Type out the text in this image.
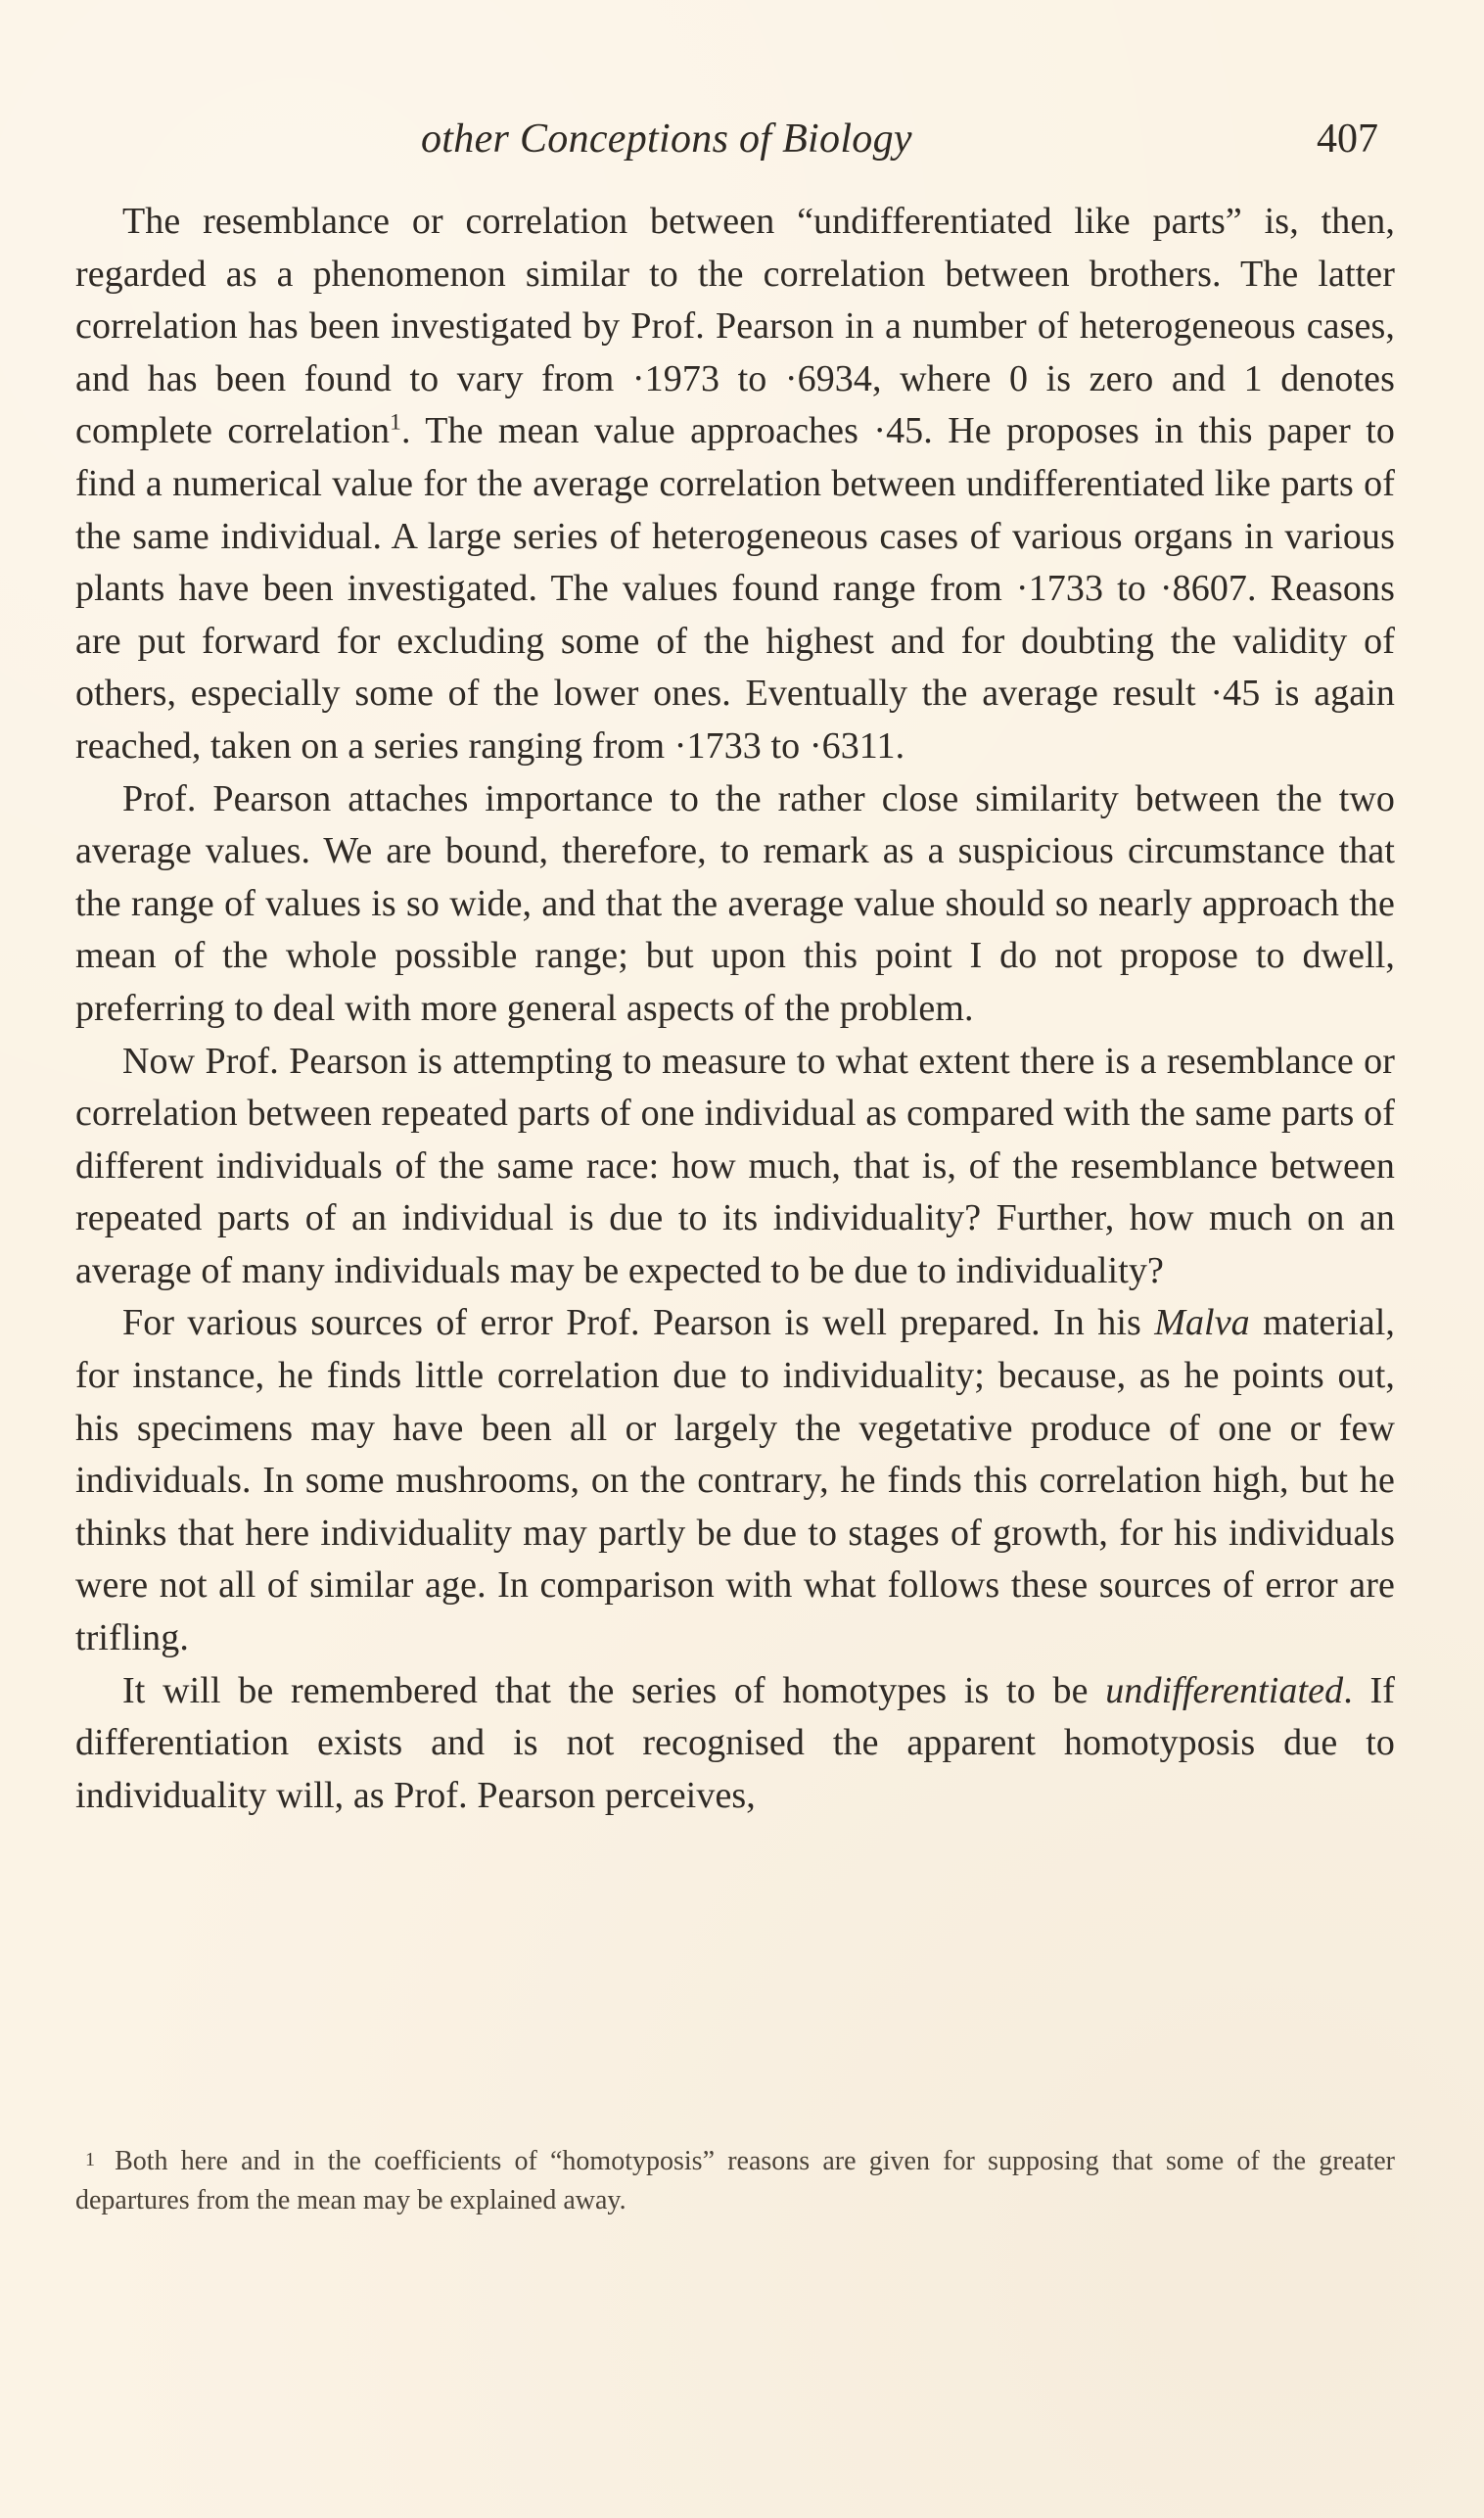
other Conceptions of Biology	407

The resemblance or correlation between “undifferentiated like parts” is, then, regarded as a phenomenon similar to the correlation between brothers. The latter correlation has been investigated by Prof. Pearson in a number of heterogeneous cases, and has been found to vary from ·1973 to ·6934, where 0 is zero and 1 denotes complete correlation$^1$. The mean value approaches ·45. He proposes in this paper to find a numerical value for the average correlation between undifferentiated like parts of the same individual. A large series of heterogeneous cases of various organs in various plants have been investigated. The values found range from ·1733 to ·8607. Reasons are put forward for excluding some of the highest and for doubting the validity of others, especially some of the lower ones. Eventually the average result ·45 is again reached, taken on a series ranging from ·1733 to ·6311.

Prof. Pearson attaches importance to the rather close similarity between the two average values. We are bound, therefore, to remark as a suspicious circumstance that the range of values is so wide, and that the average value should so nearly approach the mean of the whole possible range; but upon this point I do not propose to dwell, preferring to deal with more general aspects of the problem.

Now Prof. Pearson is attempting to measure to what extent there is a resemblance or correlation between repeated parts of one individual as compared with the same parts of different individuals of the same race: how much, that is, of the resemblance between repeated parts of an individual is due to its individuality? Further, how much on an average of many individuals may be expected to be due to individuality?

For various sources of error Prof. Pearson is well prepared. In his Malva material, for instance, he finds little correlation due to individuality; because, as he points out, his specimens may have been all or largely the vegetative produce of one or few individuals. In some mushrooms, on the contrary, he finds this correlation high, but he thinks that here individuality may partly be due to stages of growth, for his individuals were not all of similar age. In comparison with what follows these sources of error are trifling.

It will be remembered that the series of homotypes is to be undifferentiated. If differentiation exists and is not recognised the apparent homotyposis due to individuality will, as Prof. Pearson perceives,

$^1$ Both here and in the coefficients of “homotyposis” reasons are given for supposing that some of the greater departures from the mean may be explained away.
